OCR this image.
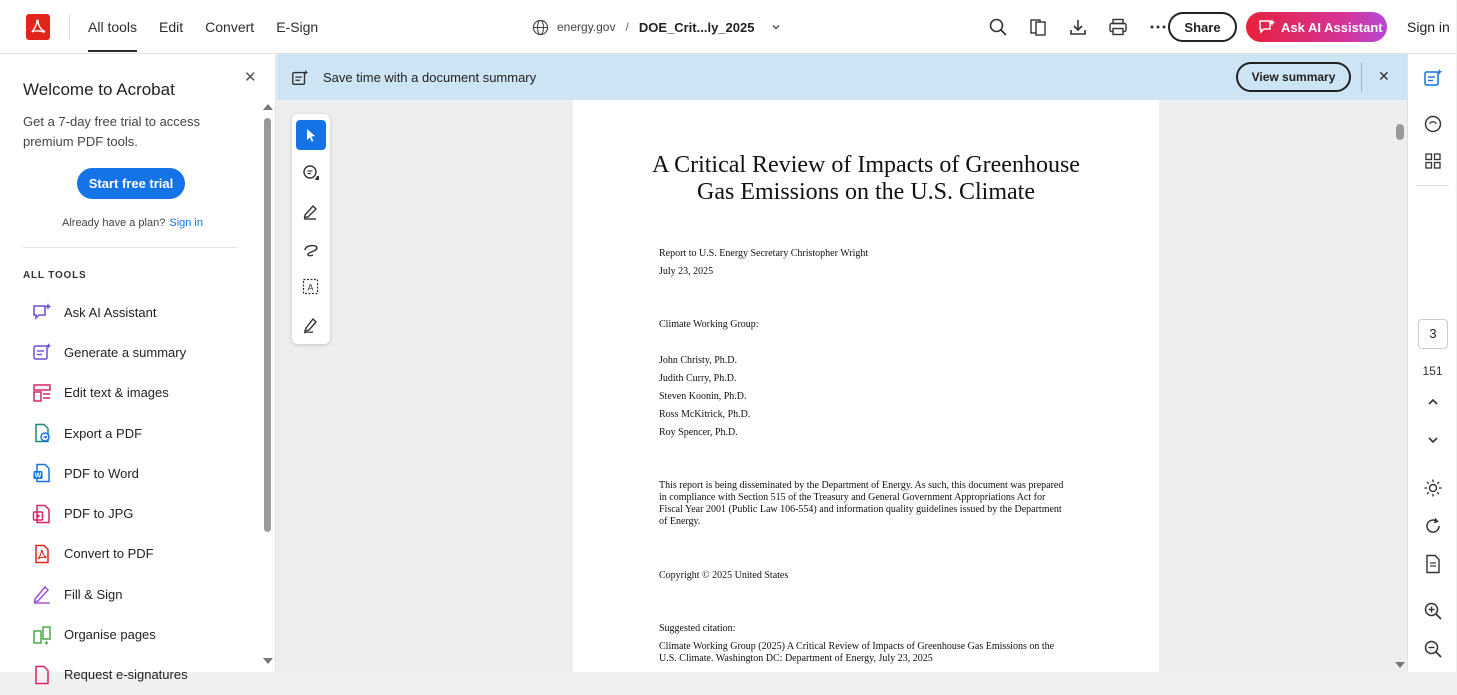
All tools Edit Convert E-Sign	energy.gov / DOE_Crit...ly_2025	Share	Ask AI Assistant Sign in
✕
Welcome to Acrobat
Get a 7-day free trial to access premium PDF tools.
Start free trial
Already have a plan? Sign in
ALL TOOLS
Ask AI Assistant
Generate a summary
Edit text & images
Export a PDF
W PDF to Word
PDF to JPG
Convert to PDF
Fill & Sign
Organise pages
Request e-signatures
Save time with a document summary	View summary	✕
A
A Critical Review of Impacts of Greenhouse
Gas Emissions on the U.S. Climate
Report to U.S. Energy Secretary Christopher Wright
July 23, 2025
Climate Working Group:
John Christy, Ph.D.
Judith Curry, Ph.D.
Steven Koonin, Ph.D.
Ross McKitrick, Ph.D.
Roy Spencer, Ph.D.
This report is being disseminated by the Department of Energy. As such, this document was prepared
in compliance with Section 515 of the Treasury and General Government Appropriations Act for
Fiscal Year 2001 (Public Law 106-554) and information quality guidelines issued by the Department
of Energy.
Copyright © 2025 United States
Suggested citation:
Climate Working Group (2025) A Critical Review of Impacts of Greenhouse Gas Emissions on the
U.S. Climate. Washington DC: Department of Energy, July 23, 2025
3
151
